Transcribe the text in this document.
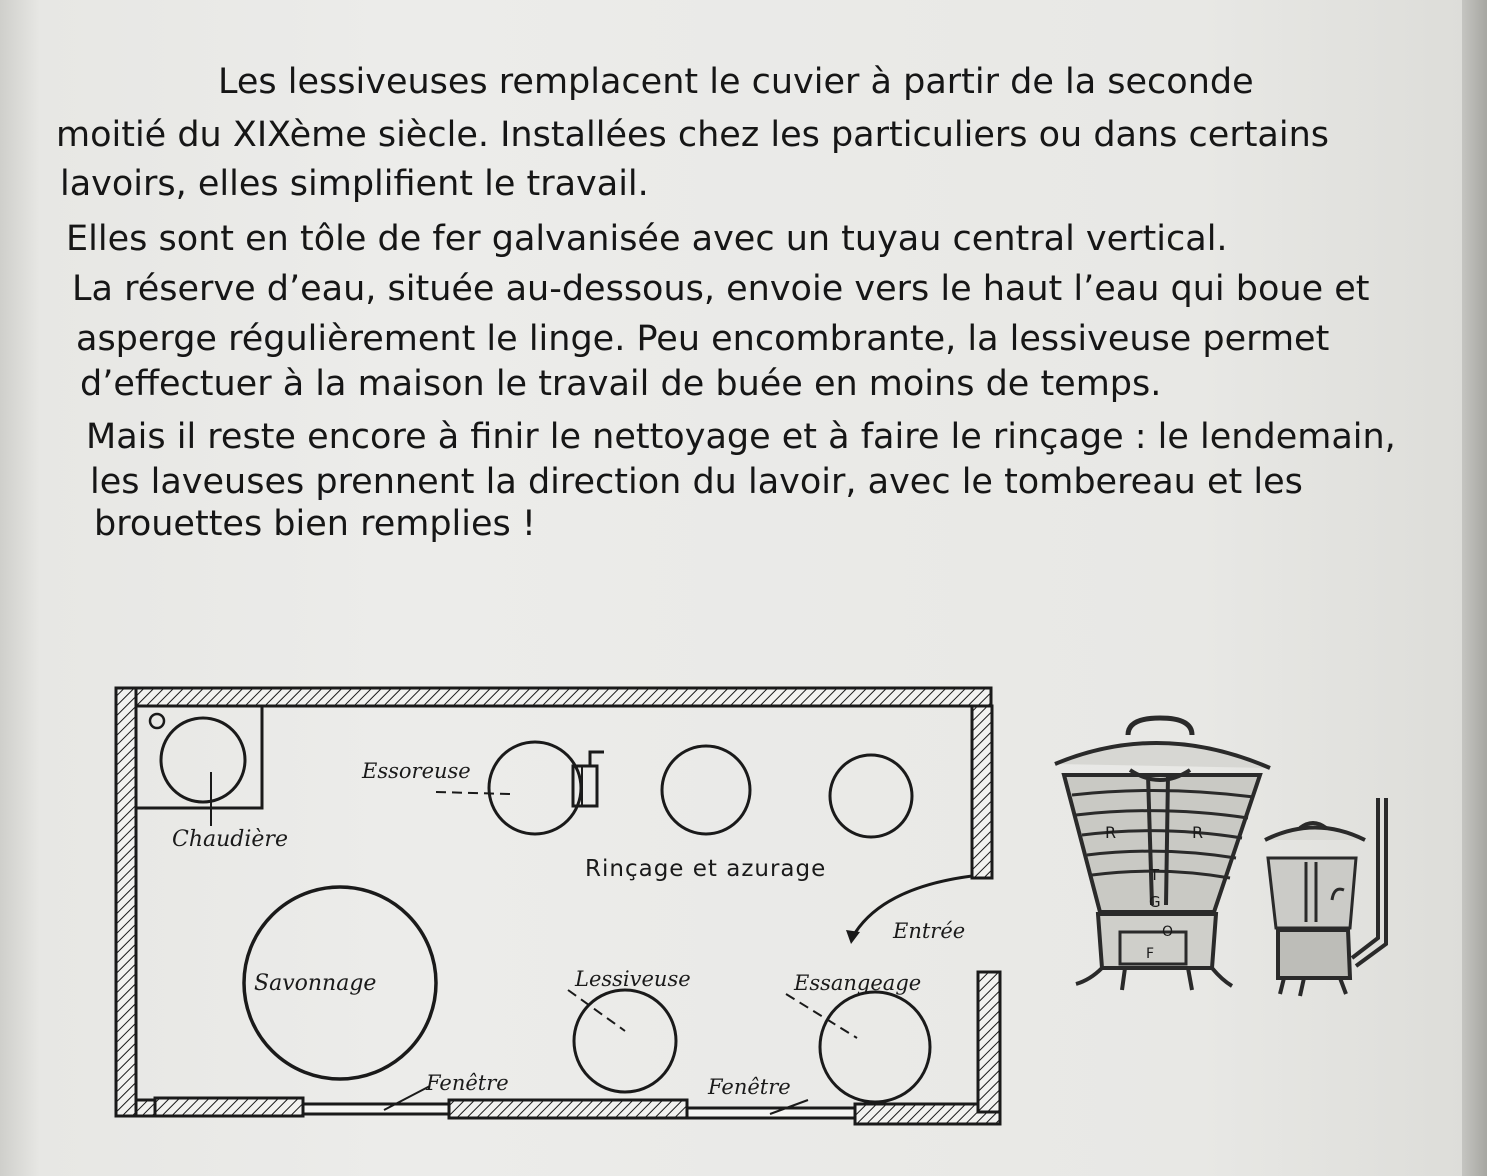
Les lessiveuses remplacent le cuvier à partir de la seconde

moitié du XIXème siècle. Installées chez les particuliers ou dans certains

lavoirs, elles simplifient le travail.

Elles sont en tôle de fer galvanisée avec un tuyau central vertical.

La réserve d’eau, située au-dessous, envoie vers le haut l’eau qui boue et

asperge régulièrement le linge. Peu encombrante, la lessiveuse permet

d’effectuer à la maison le travail de buée en moins de temps.

Mais il reste encore à finir le nettoyage et à faire le rinçage : le lendemain,

les laveuses prennent la direction du lavoir, avec le tombereau et les

brouettes bien remplies !

Chaudière
Essoreuse
Rinçage et azurage
Entrée
Savonnage	Lessiveuse	Essangeage
Fenêtre	Fenêtre
R	R
T
G
O
F
